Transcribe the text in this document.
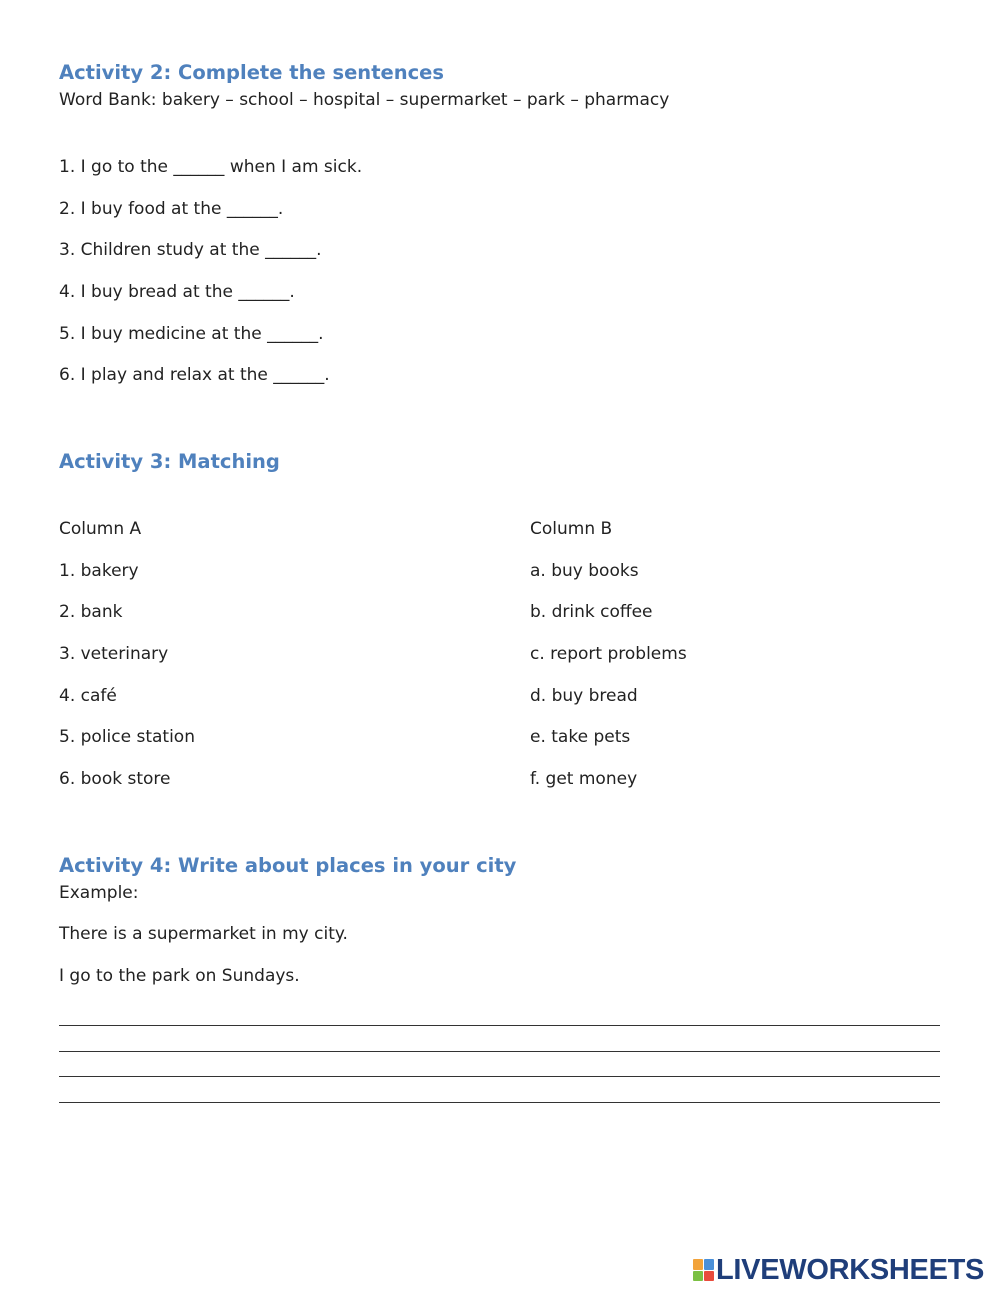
Activity 2: Complete the sentences
Word Bank: bakery – school – hospital – supermarket – park – pharmacy
1. I go to the ______ when I am sick.
2. I buy food at the ______.
3. Children study at the ______.
4. I buy bread at the ______.
5. I buy medicine at the ______.
6. I play and relax at the ______.
Activity 3: Matching
Column A	Column B
1. bakery
2. bank
3. veterinary
4. café
5. police station
6. book store
a. buy books
b. drink coffee
c. report problems
d. buy bread
e. take pets
f. get money
Activity 4: Write about places in your city
Example:
There is a supermarket in my city.
I go to the park on Sundays.
LIVEWORKSHEETS
